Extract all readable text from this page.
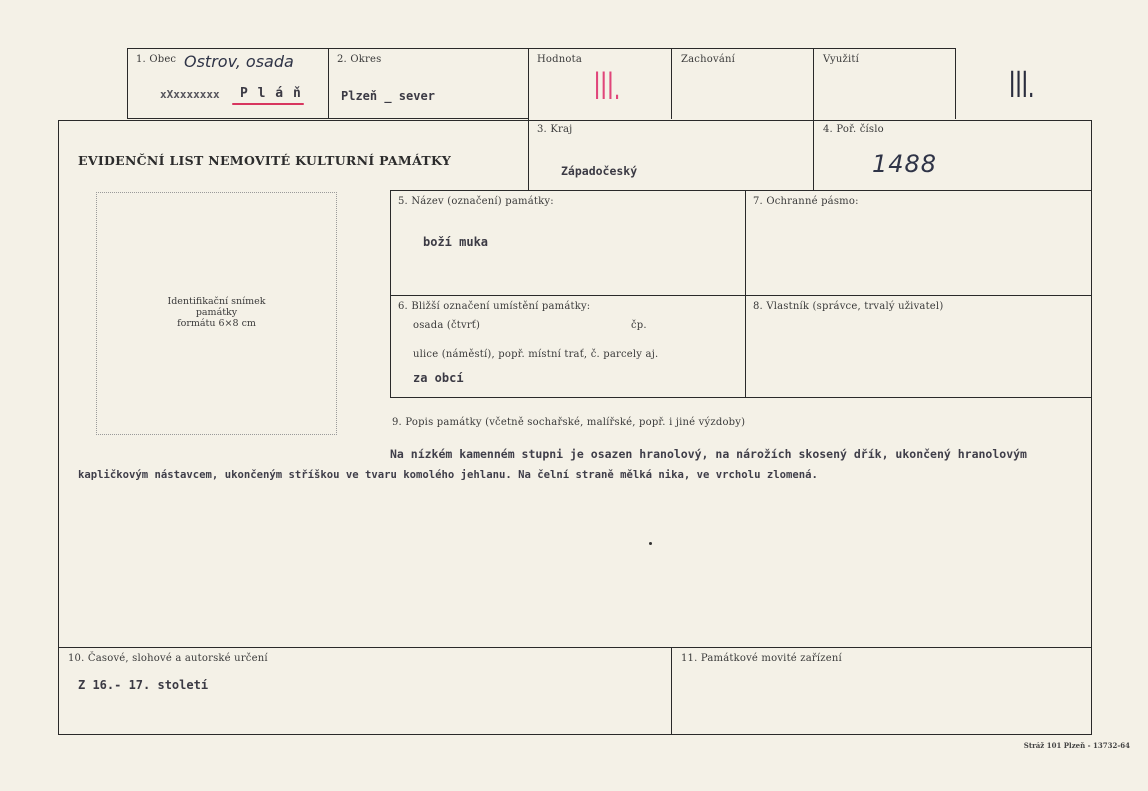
1. Obec Ostrov, osada
xXxxxxxxx P l á ň
2. Okres
Plzeň _ sever
Hodnota
III.
Zachování	Využití
III.
EVIDENČNÍ LIST NEMOVITÉ KULTURNÍ PAMÁTKY
3. Kraj
Západočeský
4. Poř. číslo
1488
Identifikační snímek
památky
formátu 6×8 cm
5. Název (označení) památky:
boží muka
7. Ochranné pásmo:
6. Bližší označení umístění památky:
osada (čtvrť)	čp.
ulice (náměstí), popř. místní trať, č. parcely aj.
za obcí
8. Vlastník (správce, trvalý uživatel)
9. Popis památky (včetně sochařské, malířské, popř. i jiné výzdoby)
Na nízkém kamenném stupni je osazen hranolový, na nárožích skosený dřík, ukončený hranolovým
kapličkovým nástavcem, ukončeným stříškou ve tvaru komolého jehlanu. Na čelní straně mělká nika, ve vrcholu zlomená.
10. Časové, slohové a autorské určení
Z 16.- 17. století
11. Památkové movité zařízení
Stráž 101 Plzeň - 13732-64
